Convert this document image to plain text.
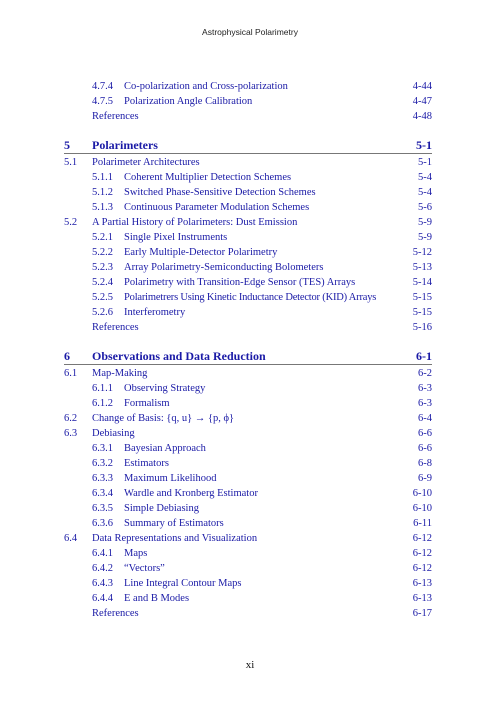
Astrophysical Polarimetry
4.7.4 Co-polarization and Cross-polarization	4-44
4.7.5 Polarization Angle Calibration	4-47
References	4-48
5 Polarimeters	5-1
5.1 Polarimeter Architectures	5-1
5.1.1 Coherent Multiplier Detection Schemes	5-4
5.1.2 Switched Phase-Sensitive Detection Schemes	5-4
5.1.3 Continuous Parameter Modulation Schemes	5-6
5.2 A Partial History of Polarimeters: Dust Emission	5-9
5.2.1 Single Pixel Instruments	5-9
5.2.2 Early Multiple-Detector Polarimetry	5-12
5.2.3 Array Polarimetry-Semiconducting Bolometers	5-13
5.2.4 Polarimetry with Transition-Edge Sensor (TES) Arrays	5-14
5.2.5 Polarimetrers Using Kinetic Inductance Detector (KID) Arrays	5-15
5.2.6 Interferometry	5-15
References	5-16
6 Observations and Data Reduction	6-1
6.1 Map-Making	6-2
6.1.1 Observing Strategy	6-3
6.1.2 Formalism	6-3
6.2 Change of Basis: {q, u} → {p, ϕ}	6-4
6.3 Debiasing	6-6
6.3.1 Bayesian Approach	6-6
6.3.2 Estimators	6-8
6.3.3 Maximum Likelihood	6-9
6.3.4 Wardle and Kronberg Estimator	6-10
6.3.5 Simple Debiasing	6-10
6.3.6 Summary of Estimators	6-11
6.4 Data Representations and Visualization	6-12
6.4.1 Maps	6-12
6.4.2 “Vectors”	6-12
6.4.3 Line Integral Contour Maps	6-13
6.4.4 E and B Modes	6-13
References	6-17
xi
